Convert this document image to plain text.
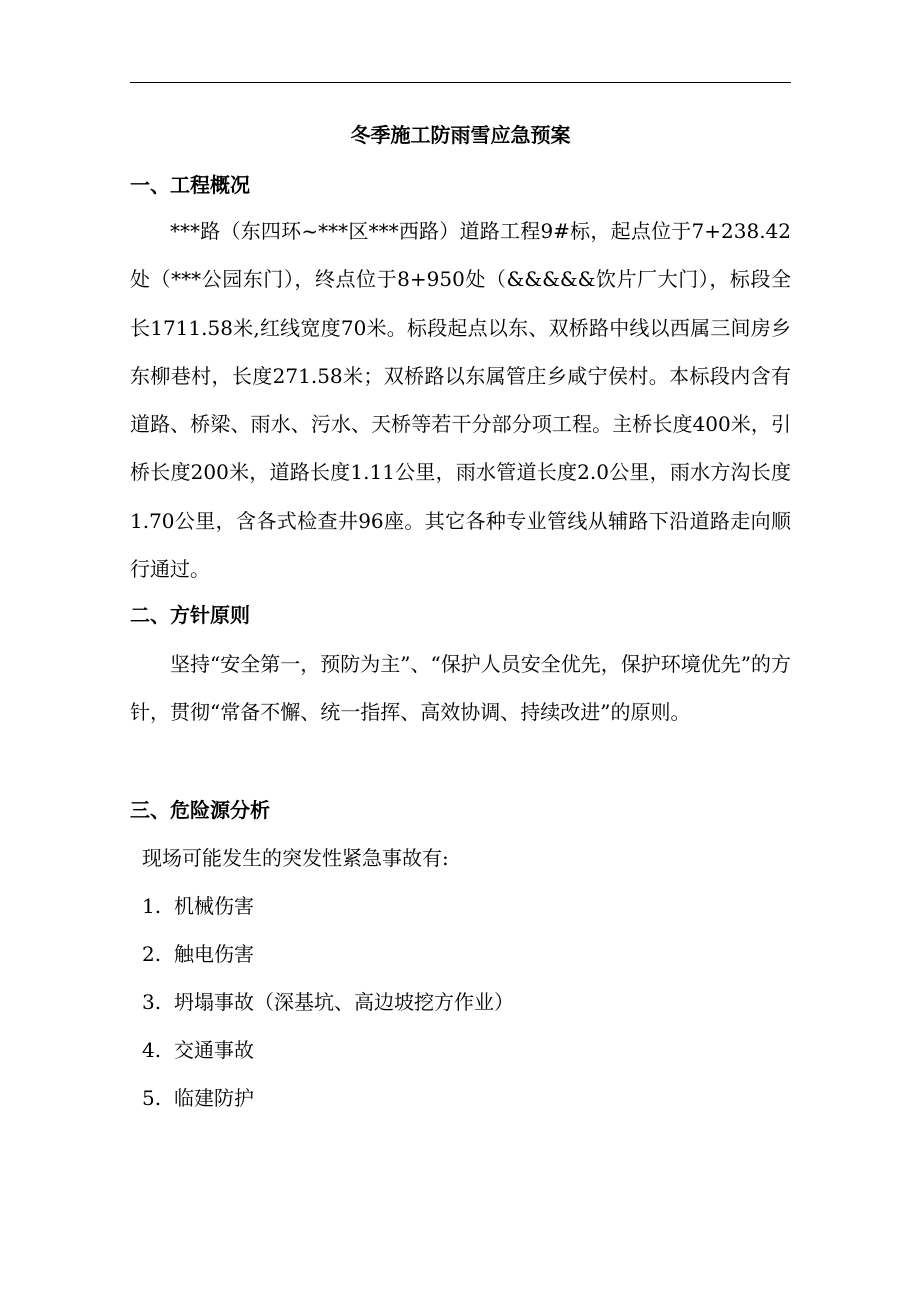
冬季施工防雨雪应急预案
一、工程概况
***路（东四环~***区***西路）道路工程9#标，起点位于7+238.42处（***公园东门），终点位于8+950处（&&&&&饮片厂大门），标段全长1711.58米,红线宽度70米。标段起点以东、双桥路中线以西属三间房乡东柳巷村，长度271.58米；双桥路以东属管庄乡咸宁侯村。本标段内含有道路、桥梁、雨水、污水、天桥等若干分部分项工程。主桥长度400米，引桥长度200米，道路长度1.11公里，雨水管道长度2.0公里，雨水方沟长度1.70公里，含各式检查井96座。其它各种专业管线从辅路下沿道路走向顺行通过。
二、方针原则
坚持“安全第一，预防为主”、“保护人员安全优先，保护环境优先”的方针，贯彻“常备不懈、统一指挥、高效协调、持续改进”的原则。
三、危险源分析
现场可能发生的突发性紧急事故有:
1. 机械伤害
2. 触电伤害
3. 坍塌事故（深基坑、高边坡挖方作业）
4. 交通事故
5. 临建防护
